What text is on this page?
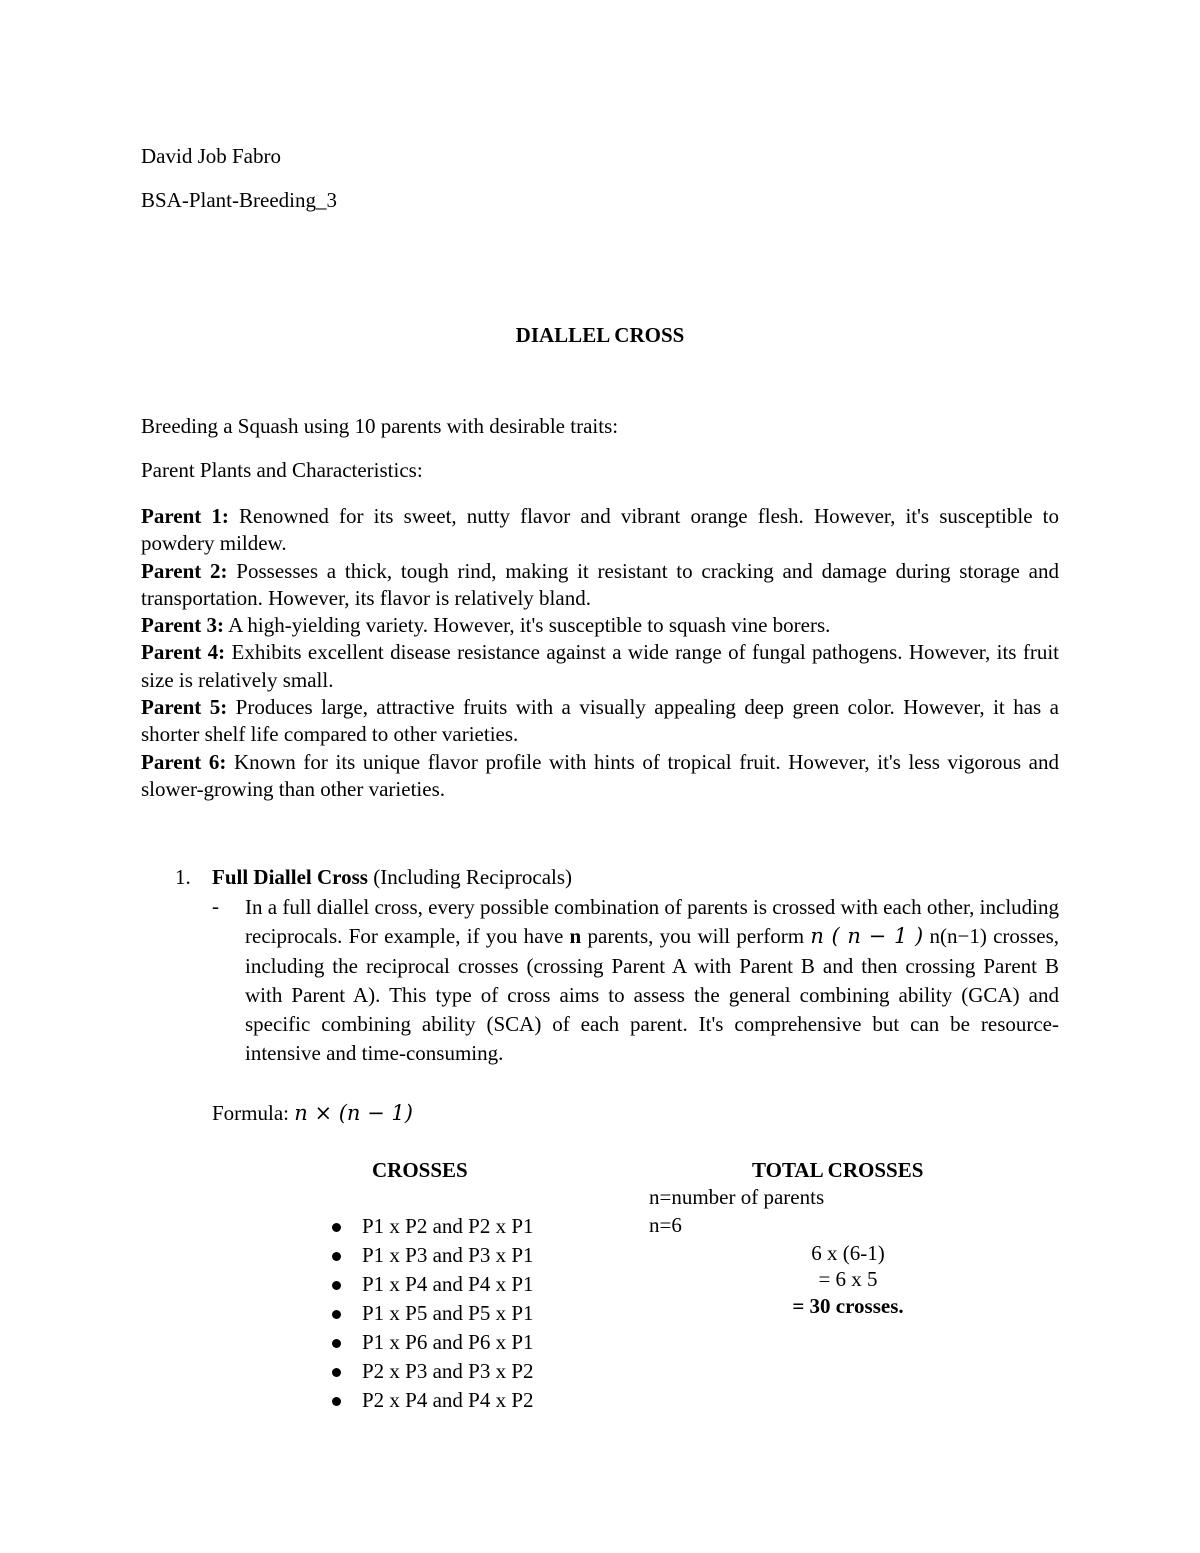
David Job Fabro
BSA-Plant-Breeding_3
DIALLEL CROSS
Breeding a Squash using 10 parents with desirable traits:
Parent Plants and Characteristics:

Parent 1: Renowned for its sweet, nutty flavor and vibrant orange flesh. However, it's susceptible to powdery mildew.

Parent 2: Possesses a thick, tough rind, making it resistant to cracking and damage during storage and transportation. However, its flavor is relatively bland.

Parent 3: A high-yielding variety. However, it's susceptible to squash vine borers.

Parent 4: Exhibits excellent disease resistance against a wide range of fungal pathogens. However, its fruit size is relatively small.

Parent 5: Produces large, attractive fruits with a visually appealing deep green color. However, it has a shorter shelf life compared to other varieties.

Parent 6: Known for its unique flavor profile with hints of tropical fruit. However, it's less vigorous and slower-growing than other varieties.

1. Full Diallel Cross (Including Reciprocals)
- In a full diallel cross, every possible combination of parents is crossed with each other, including reciprocals. For example, if you have n parents, you will perform n ( n − 1 ) n(n−1) crosses, including the reciprocal crosses (crossing Parent A with Parent B and then crossing Parent B with Parent A). This type of cross aims to assess the general combining ability (GCA) and specific combining ability (SCA) of each parent. It's comprehensive but can be resource-intensive and time-consuming.
Formula: n × (n − 1)
CROSSES
P1 x P2 and P2 x P1
P1 x P3 and P3 x P1
P1 x P4 and P4 x P1
P1 x P5 and P5 x P1
P1 x P6 and P6 x P1
P2 x P3 and P3 x P2
P2 x P4 and P4 x P2
TOTAL CROSSES
n=number of parents
n=6
6 x (6-1)
= 6 x 5
= 30 crosses.
